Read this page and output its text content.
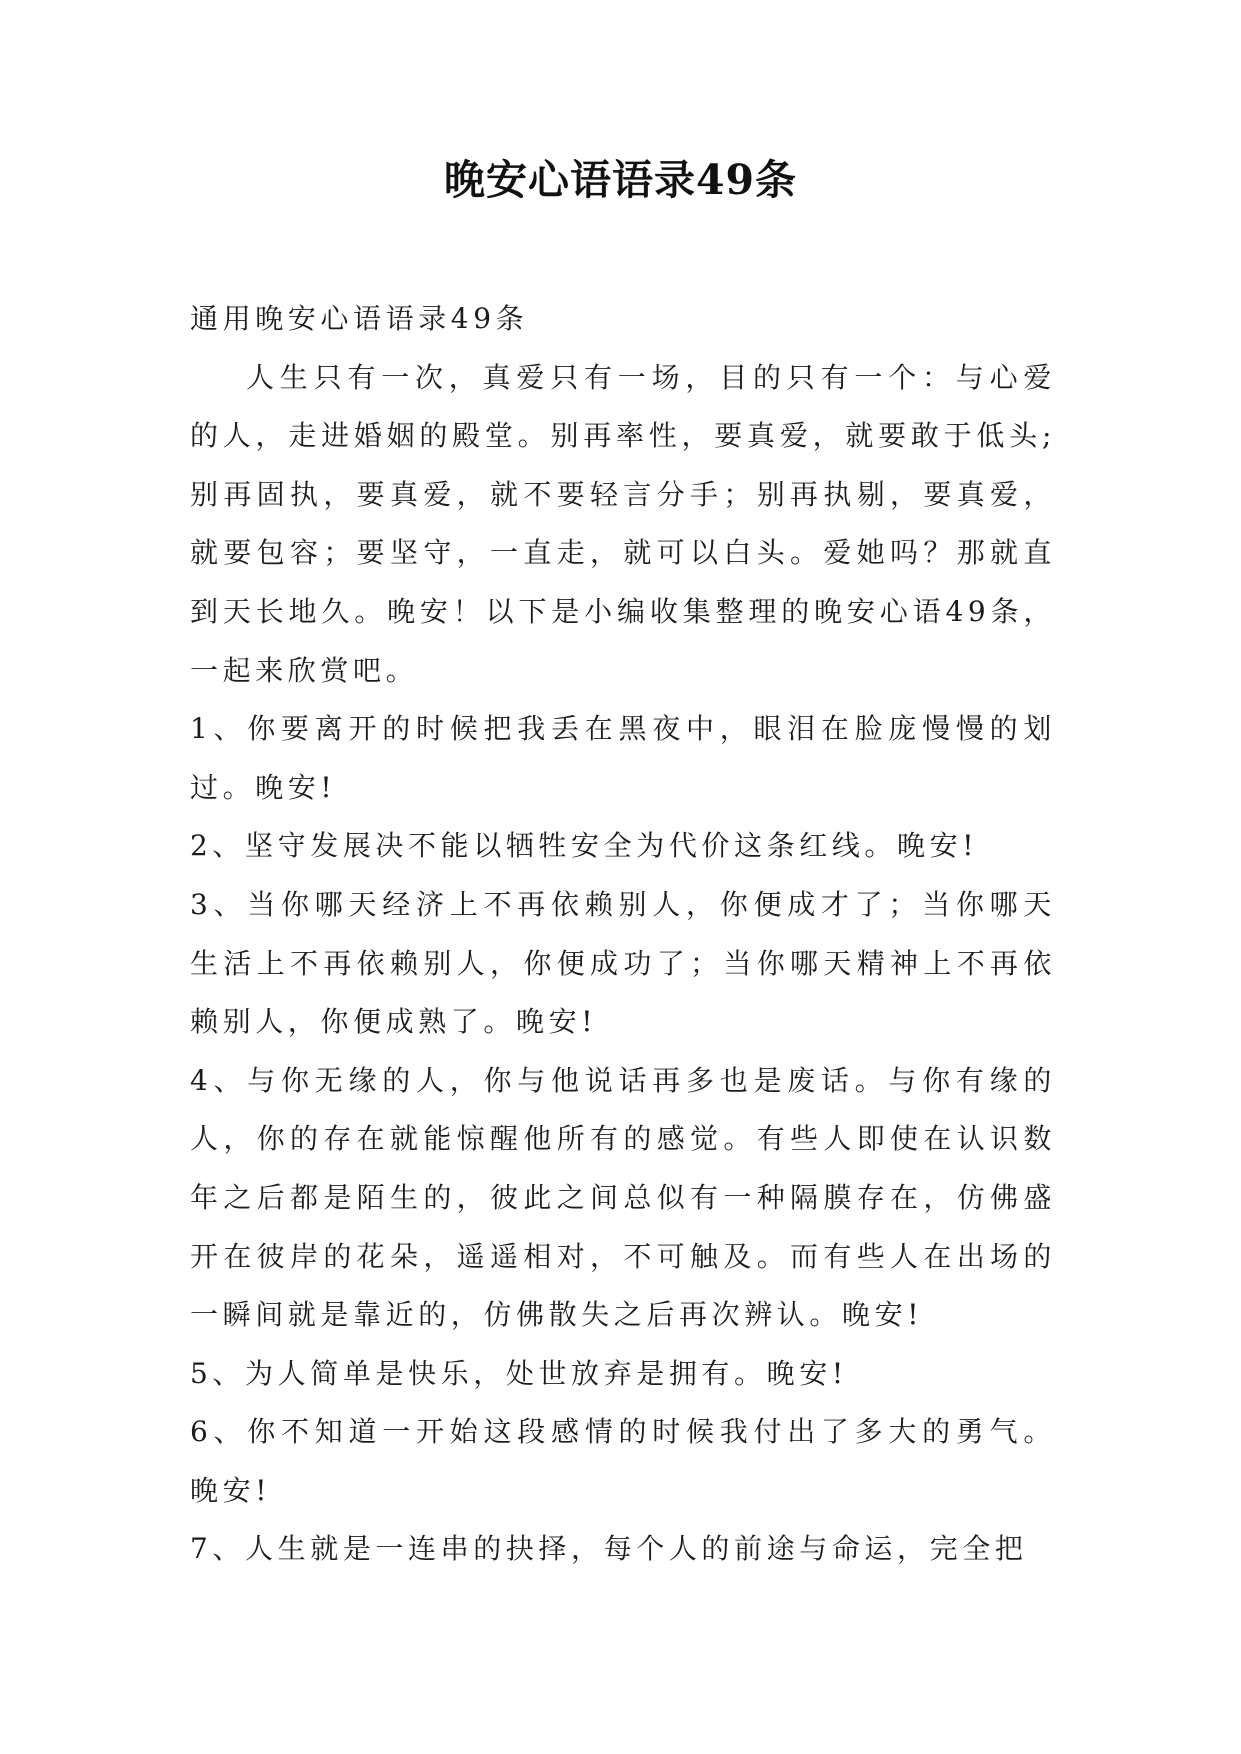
晚安心语语录49条

通用晚安心语语录49条

人生只有一次，真爱只有一场，目的只有一个：与心爱的人，走进婚姻的殿堂。别再率性，要真爱，就要敢于低头;别再固执，要真爱，就不要轻言分手；别再执剔，要真爱，就要包容；要坚守，一直走，就可以白头。爱她吗？那就直到天长地久。晚安！以下是小编收集整理的晚安心语49条，一起来欣赏吧。

1、你要离开的时候把我丢在黑夜中，眼泪在脸庞慢慢的划过。晚安!

2、坚守发展决不能以牺牲安全为代价这条红线。晚安!

3、当你哪天经济上不再依赖别人，你便成才了；当你哪天生活上不再依赖别人，你便成功了；当你哪天精神上不再依赖别人，你便成熟了。晚安!

4、与你无缘的人，你与他说话再多也是废话。与你有缘的人，你的存在就能惊醒他所有的感觉。有些人即使在认识数年之后都是陌生的，彼此之间总似有一种隔膜存在，仿佛盛开在彼岸的花朵，遥遥相对，不可触及。而有些人在出场的一瞬间就是靠近的，仿佛散失之后再次辨认。晚安!

5、为人简单是快乐，处世放弃是拥有。晚安!

6、你不知道一开始这段感情的时候我付出了多大的勇气。晚安!

7、人生就是一连串的抉择，每个人的前途与命运，完全把
